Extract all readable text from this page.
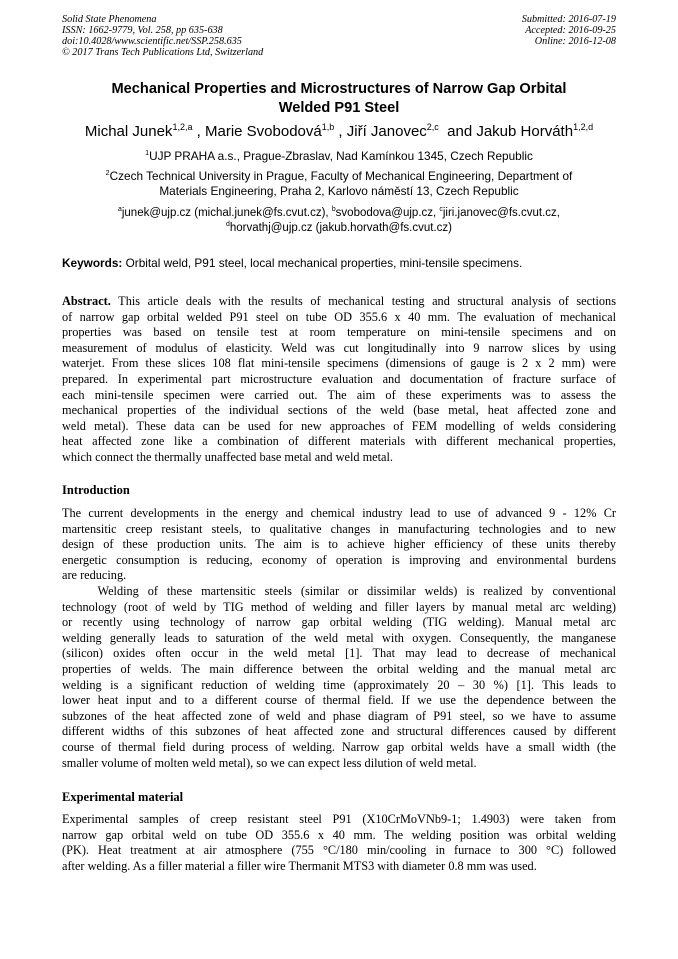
Solid State Phenomena
ISSN: 1662-9779, Vol. 258, pp 635-638
doi:10.4028/www.scientific.net/SSP.258.635
© 2017 Trans Tech Publications Ltd, Switzerland
Submitted: 2016-07-19
Accepted: 2016-09-25
Online: 2016-12-08
Mechanical Properties and Microstructures of Narrow Gap Orbital
Welded P91 Steel
Michal Junek$^{1,2,a}$ , Marie Svobodová$^{1,b}$ , Jiří Janovec$^{2,c}$  and Jakub Horváth$^{1,2,d}$
$^1$UJP PRAHA a.s., Prague-Zbraslav, Nad Kamínkou 1345, Czech Republic
$^2$Czech Technical University in Prague, Faculty of Mechanical Engineering, Department of
Materials Engineering, Praha 2, Karlovo náměstí 13, Czech Republic
$^a$junek@ujp.cz (michal.junek@fs.cvut.cz), $^b$svobodova@ujp.cz, $^c$jiri.janovec@fs.cvut.cz,
$^d$horvathj@ujp.cz (jakub.horvath@fs.cvut.cz)
Keywords: Orbital weld, P91 steel, local mechanical properties, mini-tensile specimens.
Abstract. This article deals with the results of mechanical testing and structural analysis of sections
of narrow gap orbital welded P91 steel on tube OD 355.6 x 40 mm. The evaluation of mechanical
properties was based on tensile test at room temperature on mini-tensile specimens and on
measurement of modulus of elasticity. Weld was cut longitudinally into 9 narrow slices by using
waterjet. From these slices 108 flat mini-tensile specimens (dimensions of gauge is 2 x 2 mm) were
prepared. In experimental part microstructure evaluation and documentation of fracture surface of
each mini-tensile specimen were carried out. The aim of these experiments was to assess the
mechanical properties of the individual sections of the weld (base metal, heat affected zone and
weld metal). These data can be used for new approaches of FEM modelling of welds considering
heat affected zone like a combination of different materials with different mechanical properties,
which connect the thermally unaffected base metal and weld metal.
Introduction
The current developments in the energy and chemical industry lead to use of advanced 9 - 12% Cr
martensitic creep resistant steels, to qualitative changes in manufacturing technologies and to new
design of these production units. The aim is to achieve higher efficiency of these units thereby
energetic consumption is reducing, economy of operation is improving and environmental burdens
are reducing.
Welding of these martensitic steels (similar or dissimilar welds) is realized by conventional
technology (root of weld by TIG method of welding and filler layers by manual metal arc welding)
or recently using technology of narrow gap orbital welding (TIG welding). Manual metal arc
welding generally leads to saturation of the weld metal with oxygen. Consequently, the manganese
(silicon) oxides often occur in the weld metal [1]. That may lead to decrease of mechanical
properties of welds. The main difference between the orbital welding and the manual metal arc
welding is a significant reduction of welding time (approximately 20 – 30 %) [1]. This leads to
lower heat input and to a different course of thermal field. If we use the dependence between the
subzones of the heat affected zone of weld and phase diagram of P91 steel, so we have to assume
different widths of this subzones of heat affected zone and structural differences caused by different
course of thermal field during process of welding. Narrow gap orbital welds have a small width (the
smaller volume of molten weld metal), so we can expect less dilution of weld metal.
Experimental material
Experimental samples of creep resistant steel P91 (X10CrMoVNb9-1; 1.4903) were taken from
narrow gap orbital weld on tube OD 355.6 x 40 mm. The welding position was orbital welding
(PK). Heat treatment at air atmosphere (755 °C/180 min/cooling in furnace to 300 °C) followed
after welding. As a filler material a filler wire Thermanit MTS3 with diameter 0.8 mm was used.
